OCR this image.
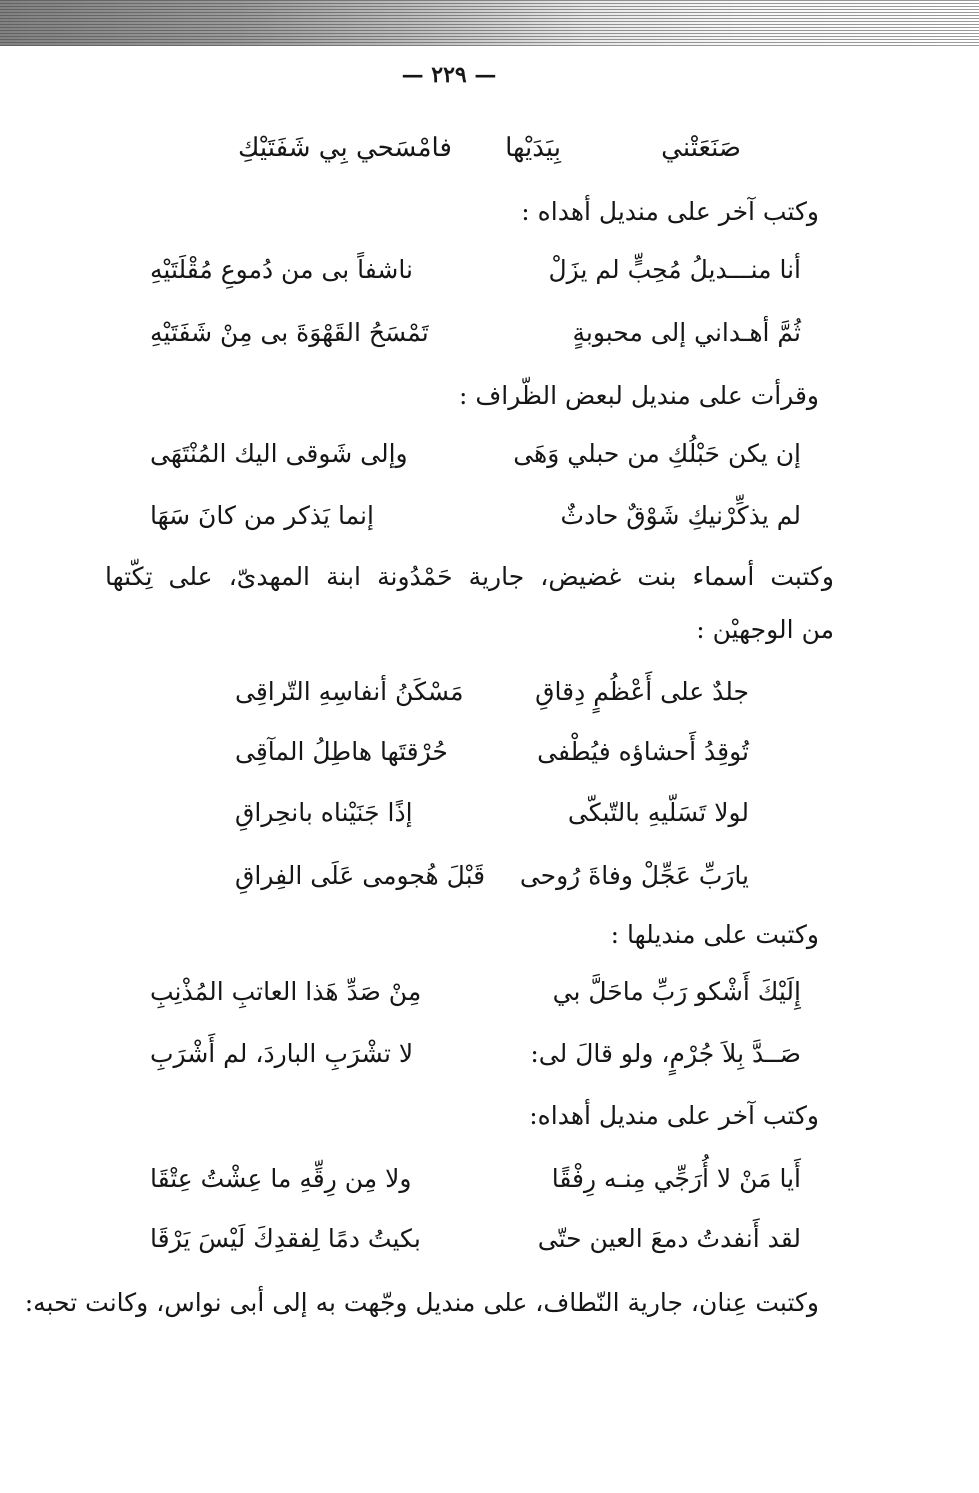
— ٢٢٩ —
صَنَعَتْني
بِيَدَيْها
فامْسَحي بِي شَفَتَيْكِ
وكتب آخر على منديل أهداه :
أنا منـــديلُ مُحِبٍّ لم يزَلْ
ناشفاً بى من دُموعِ مُقْلَتَيْهِ
ثُمَّ أهـداني إلى محبوبةٍ
تَمْسَحُ القَهْوَةَ بى مِنْ شَفَتَيْهِ
وقرأت على منديل لبعض الظّراف :
إن يكن حَبْلُكِ من حبلي وَهَى
وإلى شَوقى اليك المُنْتَهَى
لم يذكِّرْنيكِ شَوْقٌ حادثٌ
إنما يَذكر من كانَ سَهَا
وكتبت أسماء بنت غضيض، جارية حَمْدُونة ابنة المهدىّ، على تِكّتها
من الوجهيْن :
جلدٌ على أَعْظُمٍ دِقاقِ
مَسْكَنُ أنفاسِهِ التّراقِى
تُوقِدُ أَحشاؤه فيُطْفى
حُرْقتَها هاطِلُ المآقِى
لولا تَسَلّيهِ بالتّبكّى
إذًا جَنَيْناه بانحِراقِ
يارَبِّ عَجِّلْ وفاةَ رُوحى
قَبْلَ هُجومى عَلَى الفِراقِ
وكتبت على منديلها :
إِلَيْكَ أَشْكو رَبِّ ماحَلَّ بي
مِنْ صَدِّ هَذا العاتبِ المُذْنِبِ
صَــدَّ بِلاَ جُرْمٍ، ولو قالَ لى:
لا تشْرَبِ الباردَ، لم أَشْرَبِ
وكتب آخر على منديل أهداه:
أَيا مَنْ لا أُرَجِّي مِنـه رِفْقًا
ولا مِن رِقِّهِ ما عِشْتُ عِتْقَا
لقد أَنفدتُ دمعَ العين حتّى
بكيتُ دمًا لِفقدِكَ لَيْسَ يَرْقَا
وكتبت عِنان، جارية النّطاف، على منديل وجّهت به إلى أبى نواس، وكانت تحبه:
